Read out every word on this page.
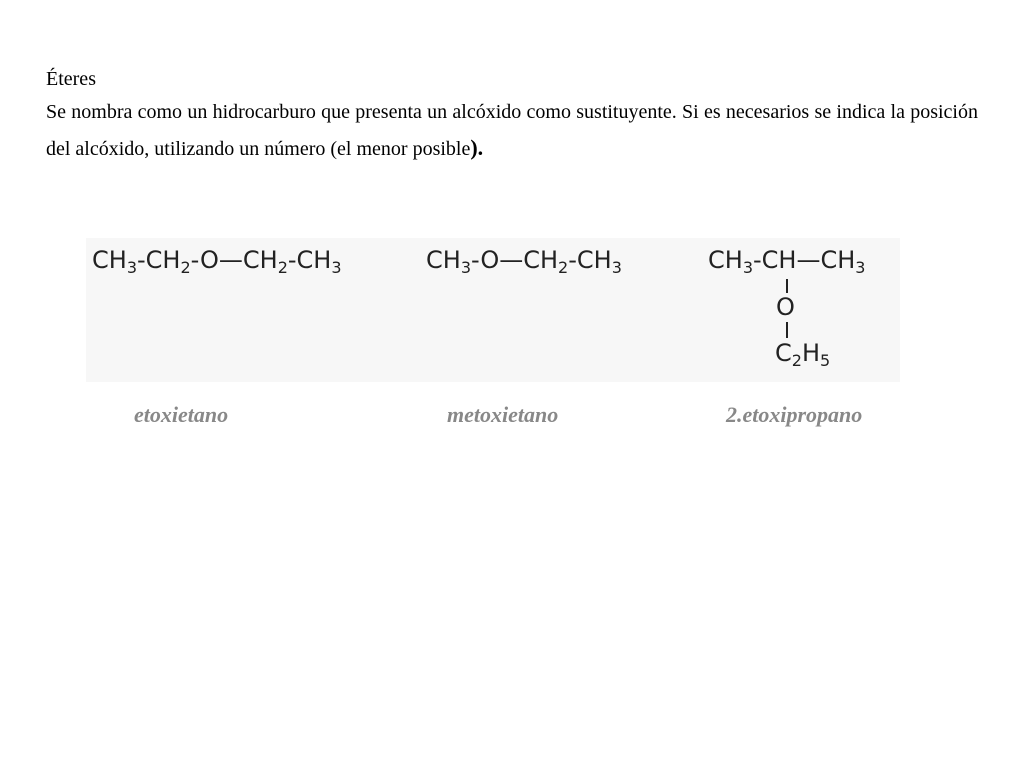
Éteres

Se nombra como un hidrocarburo que presenta un alcóxido como sustituyente. Si es necesarios se indica la posición del alcóxido, utilizando un número (el menor posible).

$CH_3-CH_2-O—CH_2-CH_3$	$CH_3-O—CH_2-CH_3$	$CH_3-CH—CH_3$
O
$C_2H_5$
etoxietano	metoxietano	2.etoxipropano
